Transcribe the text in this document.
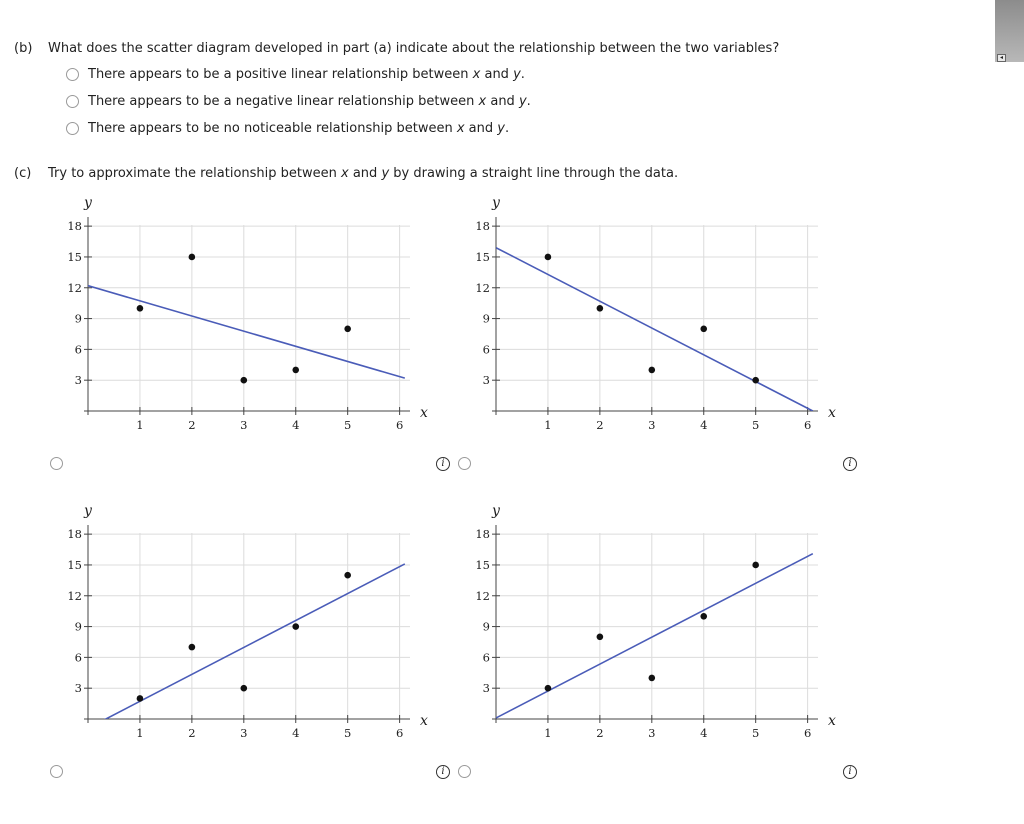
(b) What does the scatter diagram developed in part (a) indicate about the relationship between the two variables?
There appears to be a positive linear relationship between x and y.
There appears to be a negative linear relationship between x and y.
There appears to be no noticeable relationship between x and y.
(c) Try to approximate the relationship between x and y by drawing a straight line through the data.
3
6
9
12
15
18
1	2	3	4	5	6
y
x
3
6
9
12
15
18
1	2	3	4	5	6
y
x
3
6
9
12
15
18
1	2	3	4	5	6
y
x
3
6
9
12
15
18
1	2	3	4	5	6
y
x
i	i
i	i
◂
